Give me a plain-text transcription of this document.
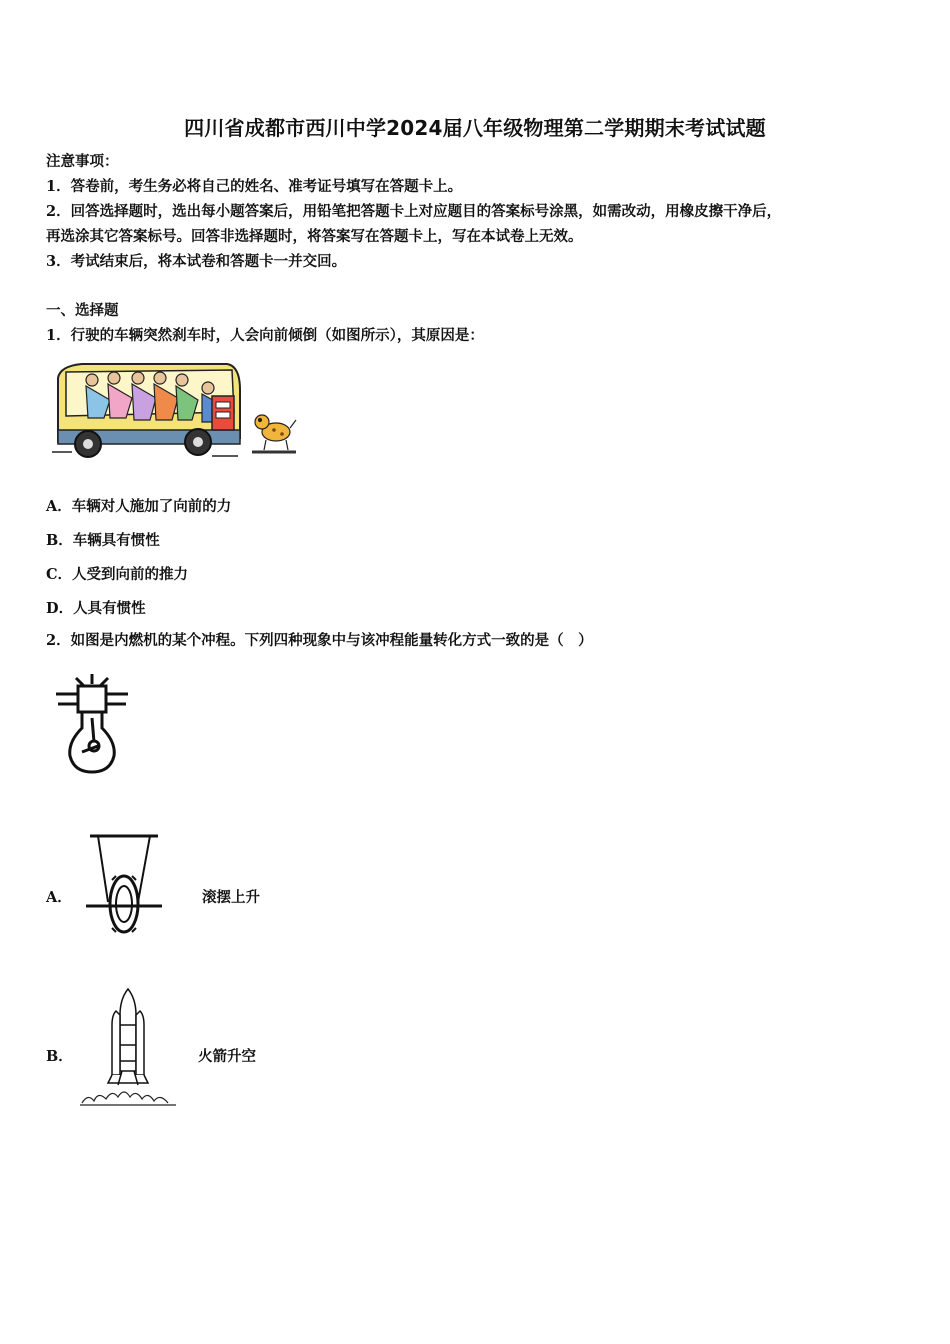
四川省成都市西川中学2024届八年级物理第二学期期末考试试题
注意事项：
1．答卷前，考生务必将自己的姓名、准考证号填写在答题卡上。
2．回答选择题时，选出每小题答案后，用铅笔把答题卡上对应题目的答案标号涂黑，如需改动，用橡皮擦干净后，
再选涂其它答案标号。回答非选择题时，将答案写在答题卡上，写在本试卷上无效。
3．考试结束后，将本试卷和答题卡一并交回。
一、选择题
1．行驶的车辆突然刹车时，人会向前倾倒（如图所示），其原因是：
A．车辆对人施加了向前的力
B．车辆具有惯性
C．人受到向前的推力
D．人具有惯性
2．如图是内燃机的某个冲程。下列四种现象中与该冲程能量转化方式一致的是（　）
A．	滚摆上升
B．	火箭升空
